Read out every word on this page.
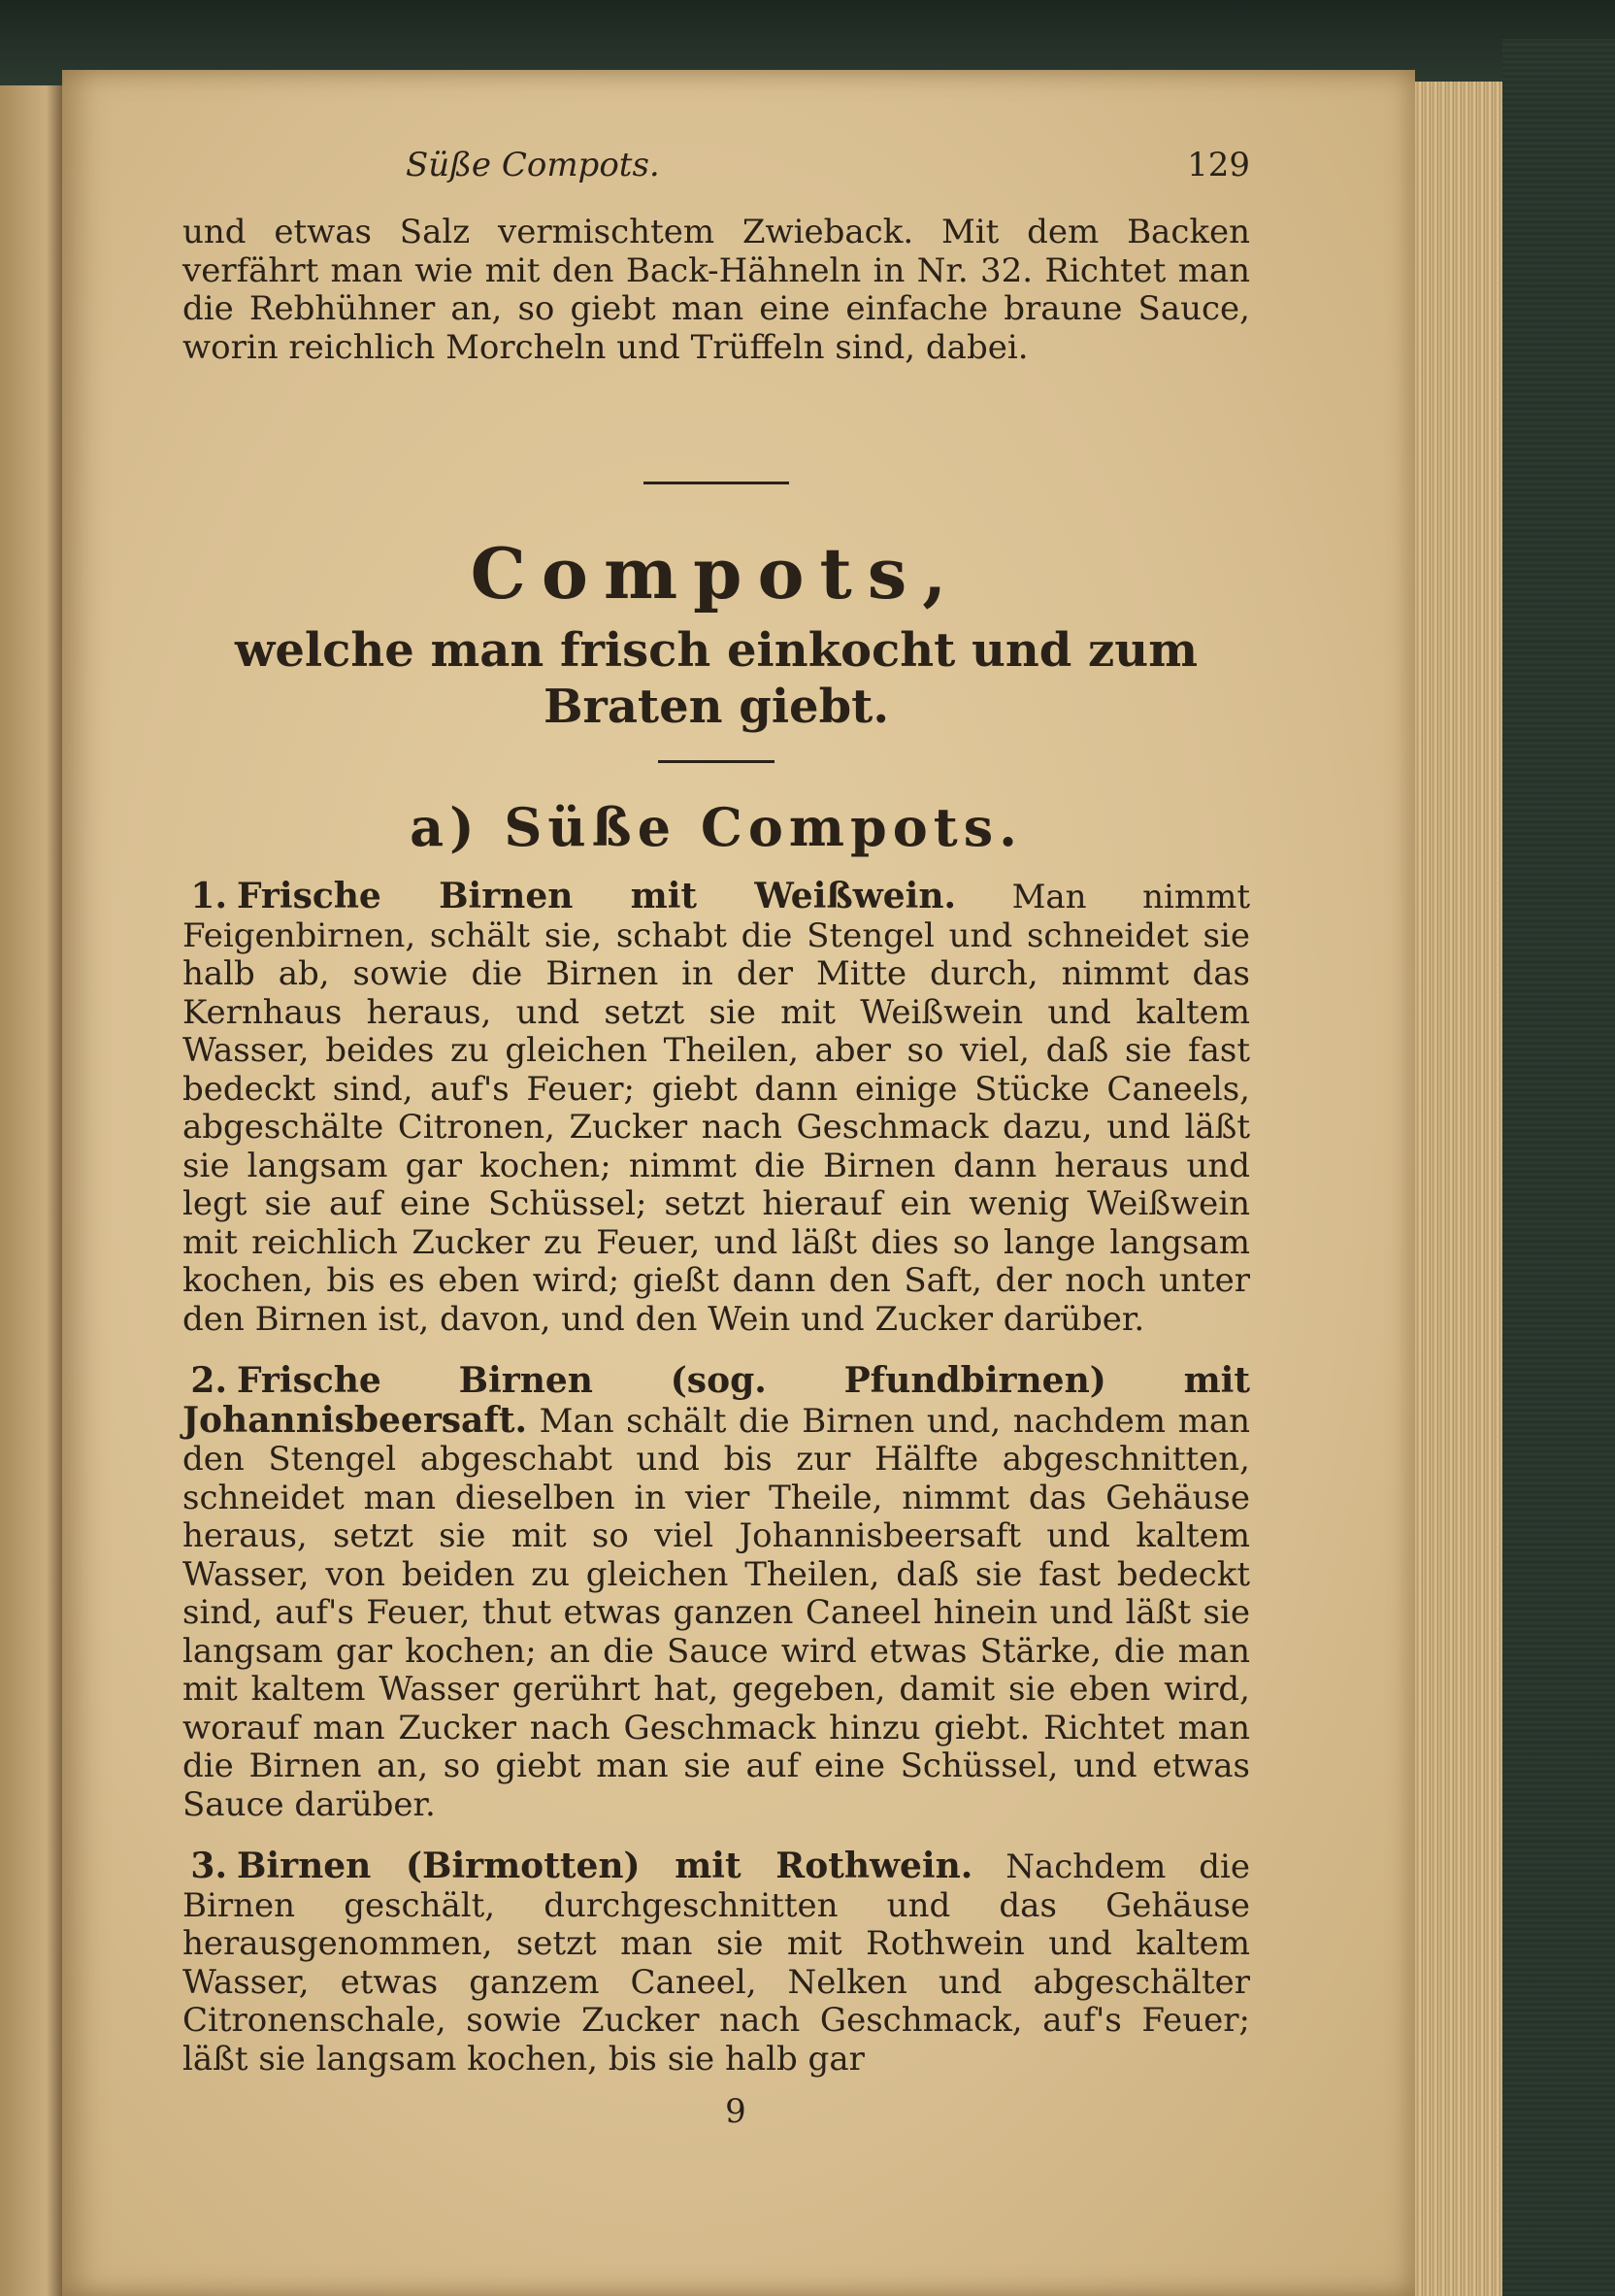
Süße Compots.	129

und etwas Salz vermischtem Zwieback. Mit dem Backen verfährt man wie mit den Back-Hähneln in Nr. 32. Richtet man die Rebhühner an, so giebt man eine einfache braune Sauce, worin reichlich Morcheln und Trüffeln sind, dabei.

Compots,
welche man frisch einkocht und zum Braten giebt.
a) Süße Compots.

1. Frische Birnen mit Weißwein. Man nimmt Feigenbirnen, schält sie, schabt die Stengel und schneidet sie halb ab, sowie die Birnen in der Mitte durch, nimmt das Kernhaus heraus, und setzt sie mit Weißwein und kaltem Wasser, beides zu gleichen Theilen, aber so viel, daß sie fast bedeckt sind, auf's Feuer; giebt dann einige Stücke Caneels, abgeschälte Citronen, Zucker nach Geschmack dazu, und läßt sie langsam gar kochen; nimmt die Birnen dann heraus und legt sie auf eine Schüssel; setzt hierauf ein wenig Weißwein mit reichlich Zucker zu Feuer, und läßt dies so lange langsam kochen, bis es eben wird; gießt dann den Saft, der noch unter den Birnen ist, davon, und den Wein und Zucker darüber.

2. Frische Birnen (sog. Pfundbirnen) mit Johannisbeersaft. Man schält die Birnen und, nachdem man den Stengel abgeschabt und bis zur Hälfte abgeschnitten, schneidet man dieselben in vier Theile, nimmt das Gehäuse heraus, setzt sie mit so viel Johannisbeersaft und kaltem Wasser, von beiden zu gleichen Theilen, daß sie fast bedeckt sind, auf's Feuer, thut etwas ganzen Caneel hinein und läßt sie langsam gar kochen; an die Sauce wird etwas Stärke, die man mit kaltem Wasser gerührt hat, gegeben, damit sie eben wird, worauf man Zucker nach Geschmack hinzu giebt. Richtet man die Birnen an, so giebt man sie auf eine Schüssel, und etwas Sauce darüber.

3. Birnen (Birmotten) mit Rothwein. Nachdem die Birnen geschält, durchgeschnitten und das Gehäuse herausgenommen, setzt man sie mit Rothwein und kaltem Wasser, etwas ganzem Caneel, Nelken und abgeschälter Citronenschale, sowie Zucker nach Geschmack, auf's Feuer; läßt sie langsam kochen, bis sie halb gar

9
